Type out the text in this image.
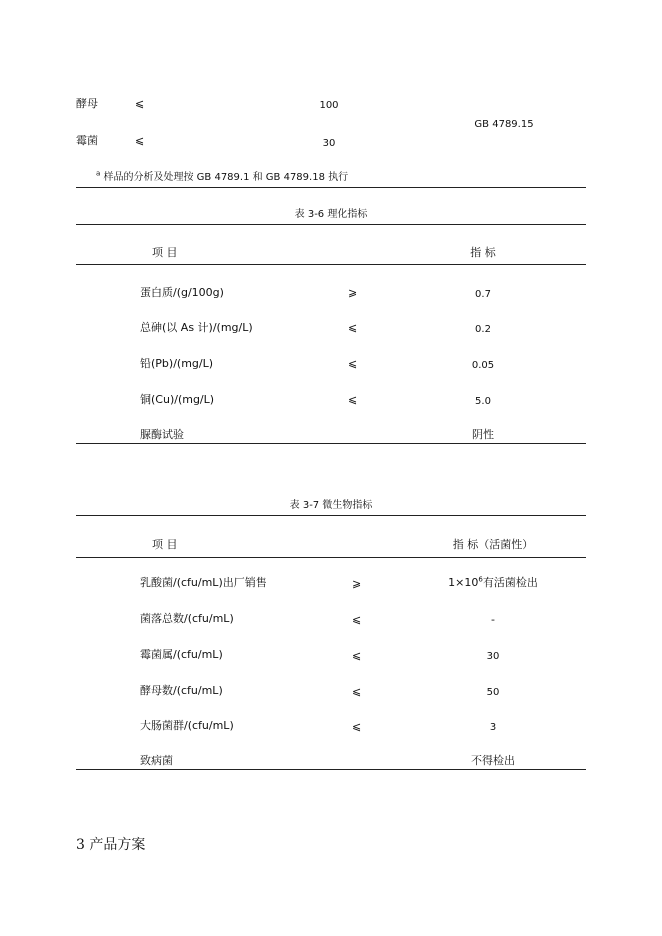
酵母	⩽	100
霉菌	⩽	30
GB 4789.15
$^a$ 样品的分析及处理按 GB 4789.1 和 GB 4789.18 执行
表 3-6 理化指标
项 目	指 标
蛋白质/(g/100g)	⩾	0.7
总砷(以 As 计)/(mg/L)	⩽	0.2
铅(Pb)/(mg/L)	⩽	0.05
铜(Cu)/(mg/L)	⩽	5.0
脲酶试验	阴性
表 3-7 微生物指标
项 目	指 标（活菌性）
乳酸菌/(cfu/mL)出厂销售	⩾	$1\times 10^6$有活菌检出
菌落总数/(cfu/mL)	⩽	-
霉菌属/(cfu/mL)	⩽	30
酵母数/(cfu/mL)	⩽	50
大肠菌群/(cfu/mL)	⩽	3
致病菌	不得检出
3 产品方案
